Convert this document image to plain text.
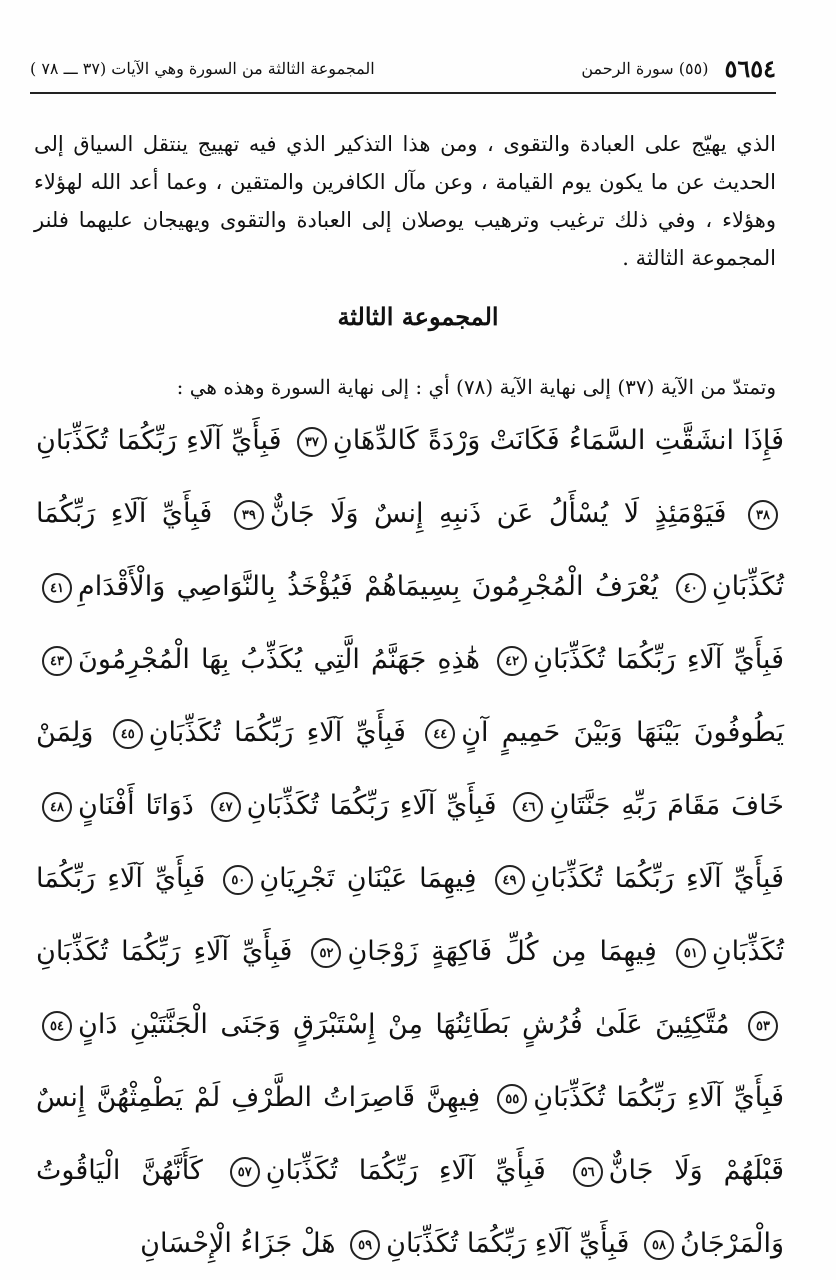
٥٦٥٤
(٥٥) سورة الرحمن
المجموعة الثالثة من السورة وهي الآيات (٣٧ ـــ ٧٨ )

الذي يهيّج على العبادة والتقوى ، ومن هذا التذكير الذي فيه تهييج ينتقل السياق إلى الحديث عن ما يكون يوم القيامة ، وعن مآل الكافرين والمتقين ، وعما أعد الله لهؤلاء وهؤلاء ، وفي ذلك ترغيب وترهيب يوصلان إلى العبادة والتقوى ويهيجان عليهما فلنر المجموعة الثالثة .

المجموعة الثالثة

وتمتدّ من الآية (٣٧) إلى نهاية الآية (٧٨) أي : إلى نهاية السورة وهذه هي :

فَإِذَا انشَقَّتِ السَّمَاءُ فَكَانَتْ وَرْدَةً كَالدِّهَانِ٣٧ فَبِأَيِّ آلَاءِ رَبِّكُمَا تُكَذِّبَانِ٣٨ فَيَوْمَئِذٍ لَا يُسْأَلُ عَن ذَنبِهِ إِنسٌ وَلَا جَانٌّ٣٩ فَبِأَيِّ آلَاءِ رَبِّكُمَا تُكَذِّبَانِ٤٠ يُعْرَفُ الْمُجْرِمُونَ بِسِيمَاهُمْ فَيُؤْخَذُ بِالنَّوَاصِي وَالْأَقْدَامِ٤١ فَبِأَيِّ آلَاءِ رَبِّكُمَا تُكَذِّبَانِ٤٢ هَٰذِهِ جَهَنَّمُ الَّتِي يُكَذِّبُ بِهَا الْمُجْرِمُونَ٤٣ يَطُوفُونَ بَيْنَهَا وَبَيْنَ حَمِيمٍ آنٍ٤٤ فَبِأَيِّ آلَاءِ رَبِّكُمَا تُكَذِّبَانِ٤٥ وَلِمَنْ خَافَ مَقَامَ رَبِّهِ جَنَّتَانِ٤٦ فَبِأَيِّ آلَاءِ رَبِّكُمَا تُكَذِّبَانِ٤٧ ذَوَاتَا أَفْنَانٍ٤٨ فَبِأَيِّ آلَاءِ رَبِّكُمَا تُكَذِّبَانِ٤٩ فِيهِمَا عَيْنَانِ تَجْرِيَانِ٥٠ فَبِأَيِّ آلَاءِ رَبِّكُمَا تُكَذِّبَانِ٥١ فِيهِمَا مِن كُلِّ فَاكِهَةٍ زَوْجَانِ٥٢ فَبِأَيِّ آلَاءِ رَبِّكُمَا تُكَذِّبَانِ٥٣ مُتَّكِئِينَ عَلَىٰ فُرُشٍ بَطَائِنُهَا مِنْ إِسْتَبْرَقٍ وَجَنَى الْجَنَّتَيْنِ دَانٍ٥٤ فَبِأَيِّ آلَاءِ رَبِّكُمَا تُكَذِّبَانِ٥٥ فِيهِنَّ قَاصِرَاتُ الطَّرْفِ لَمْ يَطْمِثْهُنَّ إِنسٌ قَبْلَهُمْ وَلَا جَانٌّ٥٦ فَبِأَيِّ آلَاءِ رَبِّكُمَا تُكَذِّبَانِ٥٧ كَأَنَّهُنَّ الْيَاقُوتُ وَالْمَرْجَانُ٥٨ فَبِأَيِّ آلَاءِ رَبِّكُمَا تُكَذِّبَانِ٥٩ هَلْ جَزَاءُ الْإِحْسَانِ
